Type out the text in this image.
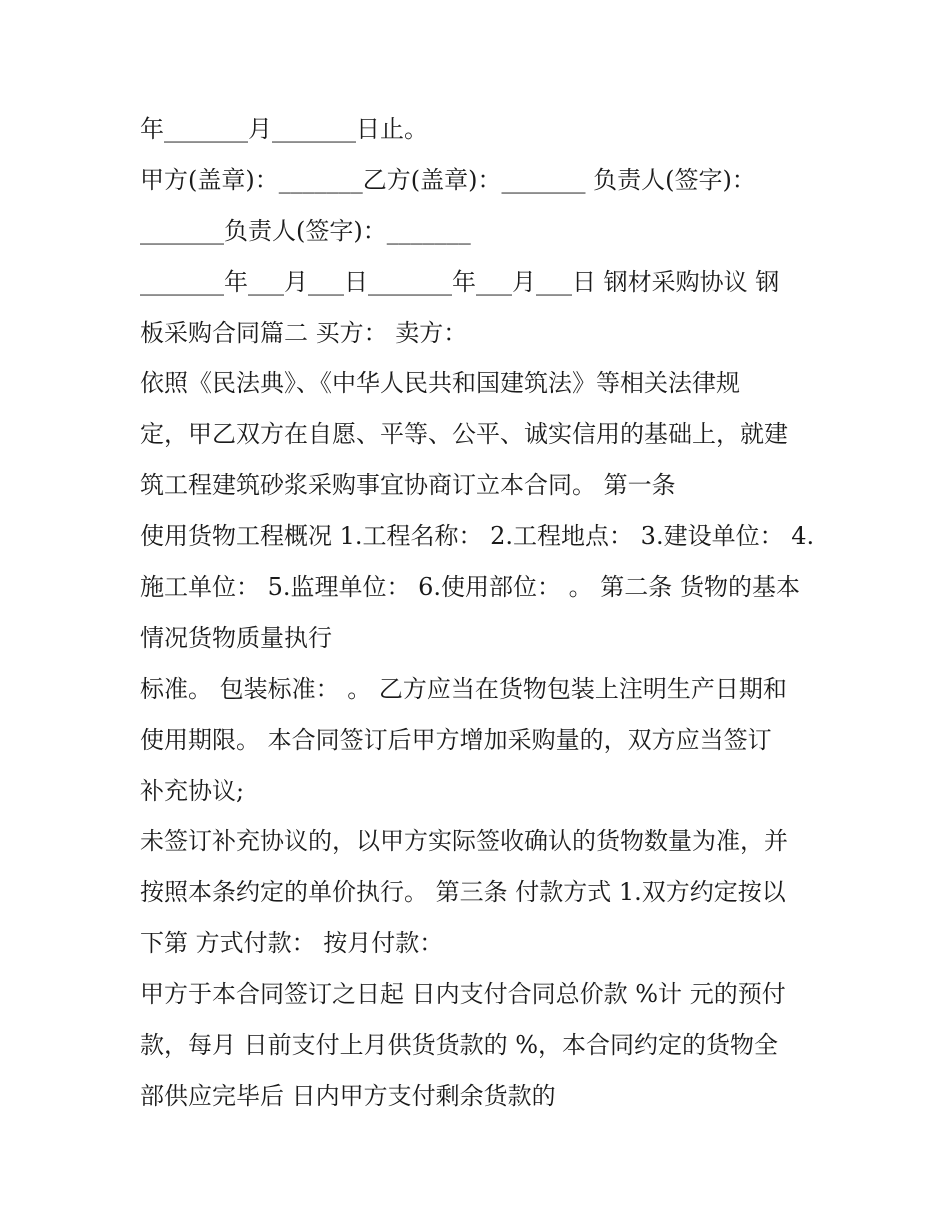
年_______月_______日止。
甲方(盖章)：_______乙方(盖章)：_______ 负责人(签字)：
_______负责人(签字)：_______
_______年___月___日_______年___月___日 钢材采购协议 钢
板采购合同篇二 买方： 卖方：
依照《民法典》、《中华人民共和国建筑法》等相关法律规
定，甲乙双方在自愿、平等、公平、诚实信用的基础上，就建
筑工程建筑砂浆采购事宜协商订立本合同。 第一条
使用货物工程概况 1.工程名称： 2.工程地点： 3.建设单位： 4.
施工单位： 5.监理单位： 6.使用部位： 。 第二条 货物的基本
情况货物质量执行
标准。 包装标准： 。 乙方应当在货物包装上注明生产日期和
使用期限。 本合同签订后甲方增加采购量的，双方应当签订
补充协议;
未签订补充协议的，以甲方实际签收确认的货物数量为准，并
按照本条约定的单价执行。 第三条 付款方式 1.双方约定按以
下第 方式付款： 按月付款：
甲方于本合同签订之日起 日内支付合同总价款 %计 元的预付
款，每月 日前支付上月供货货款的 %，本合同约定的货物全
部供应完毕后 日内甲方支付剩余货款的
